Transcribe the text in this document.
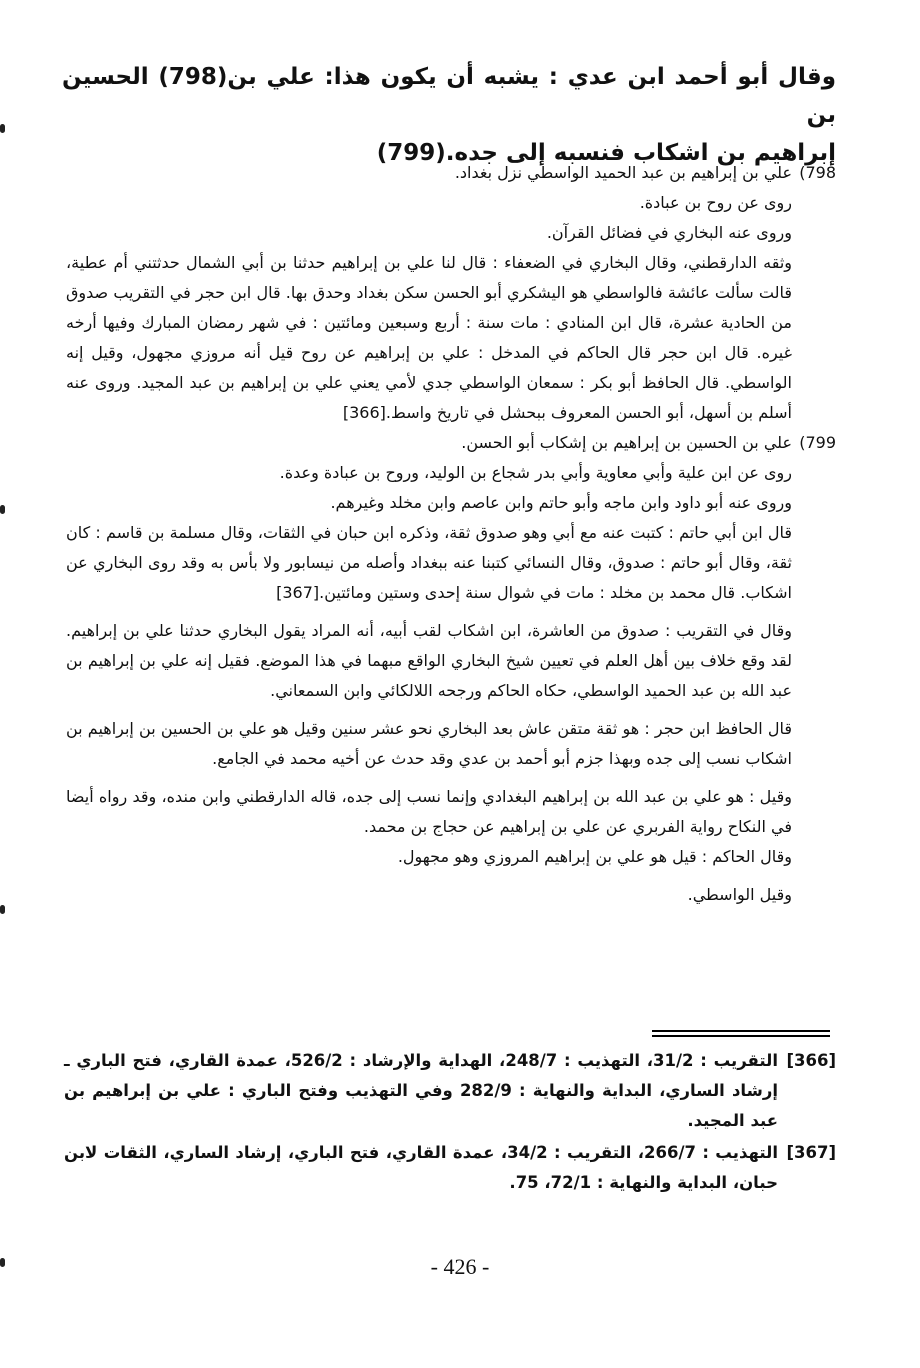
وقال أبو أحمد ابن عدي : يشبه أن يكون هذا: علي بن(798) الحسين بن

إبراهيم بن اشكاب فنسبه إلى جده.(799)

798)
علي بن إبراهيم بن عبد الحميد الواسطي نزل بغداد.

روى عن روح بن عبادة.

وروى عنه البخاري في فضائل القرآن.

وثقه الدارقطني، وقال البخاري في الضعفاء : قال لنا علي بن إبراهيم حدثنا بن أبي الشمال حدثتني أم عطية، قالت سألت عائشة فالواسطي هو اليشكري أبو الحسن سكن بغداد وحدق بها. قال ابن حجر في التقريب صدوق من الحادية عشرة، قال ابن المنادي : مات سنة : أربع وسبعين ومائتين : في شهر رمضان المبارك وفيها أرخه غيره. قال ابن حجر قال الحاكم في المدخل : علي بن إبراهيم عن روح قيل أنه مروزي مجهول، وقيل إنه الواسطي. قال الحافظ أبو بكر : سمعان الواسطي جدي لأمي يعني علي بن إبراهيم بن عبد المجيد. وروى عنه أسلم بن أسهل، أبو الحسن المعروف ببحشل في تاريخ واسط.[366]

799)
علي بن الحسين بن إبراهيم بن إشكاب أبو الحسن.

روى عن ابن علية وأبي معاوية وأبي بدر شجاع بن الوليد، وروح بن عبادة وعدة.

وروى عنه أبو داود وابن ماجه وأبو حاتم وابن عاصم وابن مخلد وغيرهم.

قال ابن أبي حاتم : كتبت عنه مع أبي وهو صدوق ثقة، وذكره ابن حبان في الثقات، وقال مسلمة بن قاسم : كان ثقة، وقال أبو حاتم : صدوق، وقال النسائي كتبنا عنه ببغداد وأصله من نيسابور ولا بأس به وقد روى البخاري عن اشكاب. قال محمد بن مخلد : مات في شوال سنة إحدى وستين ومائتين.[367]

وقال في التقريب : صدوق من العاشرة، ابن اشكاب لقب أبيه، أنه المراد يقول البخاري حدثنا علي بن إبراهيم. لقد وقع خلاف بين أهل العلم في تعيين شيخ البخاري الواقع مبهما في هذا الموضع. فقيل إنه علي بن إبراهيم بن عبد الله بن عبد الحميد الواسطي، حكاه الحاكم ورجحه اللالكائي وابن السمعاني.

قال الحافظ ابن حجر : هو ثقة متقن عاش بعد البخاري نحو عشر سنين وقيل هو علي بن الحسين بن إبراهيم بن اشكاب نسب إلى جده وبهذا جزم أبو أحمد بن عدي وقد حدث عن أخيه محمد في الجامع.

وقيل : هو علي بن عبد الله بن إبراهيم البغدادي وإنما نسب إلى جده، قاله الدارقطني وابن منده، وقد رواه أيضا في النكاح رواية الفربري عن علي بن إبراهيم عن حجاج بن محمد.

وقال الحاكم : قيل هو علي بن إبراهيم المروزي وهو مجهول.

وقيل الواسطي.

[366]
التقريب : 31/2، التهذيب : 248/7، الهداية والإرشاد : 526/2، عمدة القاري، فتح الباري ـ إرشاد الساري، البداية والنهاية : 282/9 وفي التهذيب وفتح الباري : علي بن إبراهيم بن عبد المجيد.
[367]
التهذيب : 266/7، التقريب : 34/2، عمدة القاري، فتح الباري، إرشاد الساري، الثقات لابن حبان، البداية والنهاية : 72/1، 75.
- 426 -
